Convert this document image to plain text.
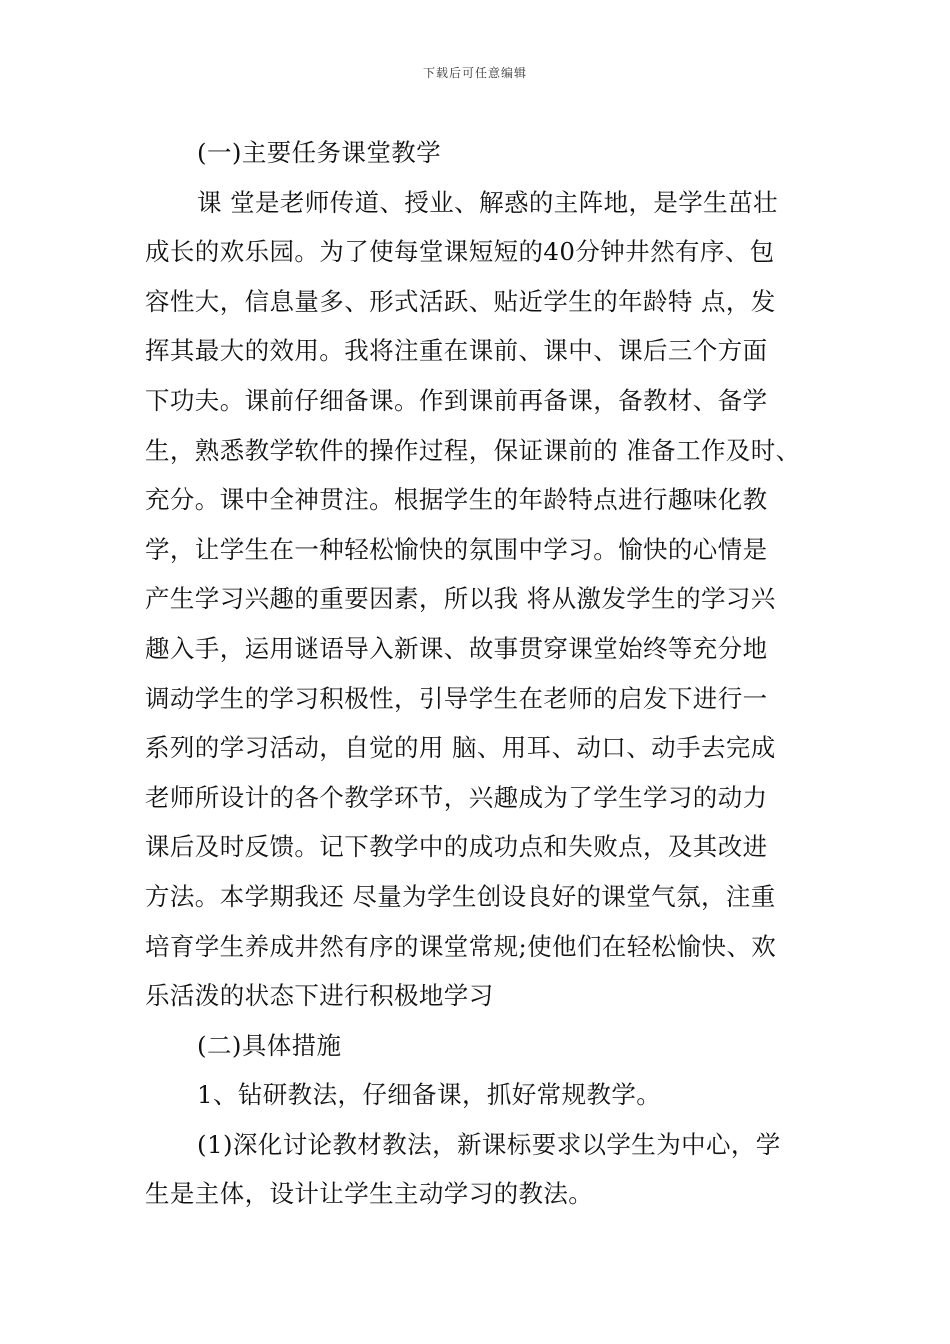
下载后可任意编辑
(一)主要任务课堂教学
课 堂是老师传道、授业、解惑的主阵地，是学生茁壮
成长的欢乐园。为了使每堂课短短的40分钟井然有序、包
容性大，信息量多、形式活跃、贴近学生的年龄特 点，发
挥其最大的效用。我将注重在课前、课中、课后三个方面
下功夫。课前仔细备课。作到课前再备课，备教材、备学
生，熟悉教学软件的操作过程，保证课前的 准备工作及时、
充分。课中全神贯注。根据学生的年龄特点进行趣味化教
学，让学生在一种轻松愉快的氛围中学习。愉快的心情是
产生学习兴趣的重要因素，所以我 将从激发学生的学习兴
趣入手，运用谜语导入新课、故事贯穿课堂始终等充分地
调动学生的学习积极性，引导学生在老师的启发下进行一
系列的学习活动，自觉的用 脑、用耳、动口、动手去完成
老师所设计的各个教学环节，兴趣成为了学生学习的动力
课后及时反馈。记下教学中的成功点和失败点，及其改进
方法。本学期我还 尽量为学生创设良好的课堂气氛，注重
培育学生养成井然有序的课堂常规;使他们在轻松愉快、欢
乐活泼的状态下进行积极地学习
(二)具体措施
1、钻研教法，仔细备课，抓好常规教学。
(1)深化讨论教材教法，新课标要求以学生为中心，学
生是主体，设计让学生主动学习的教法。
